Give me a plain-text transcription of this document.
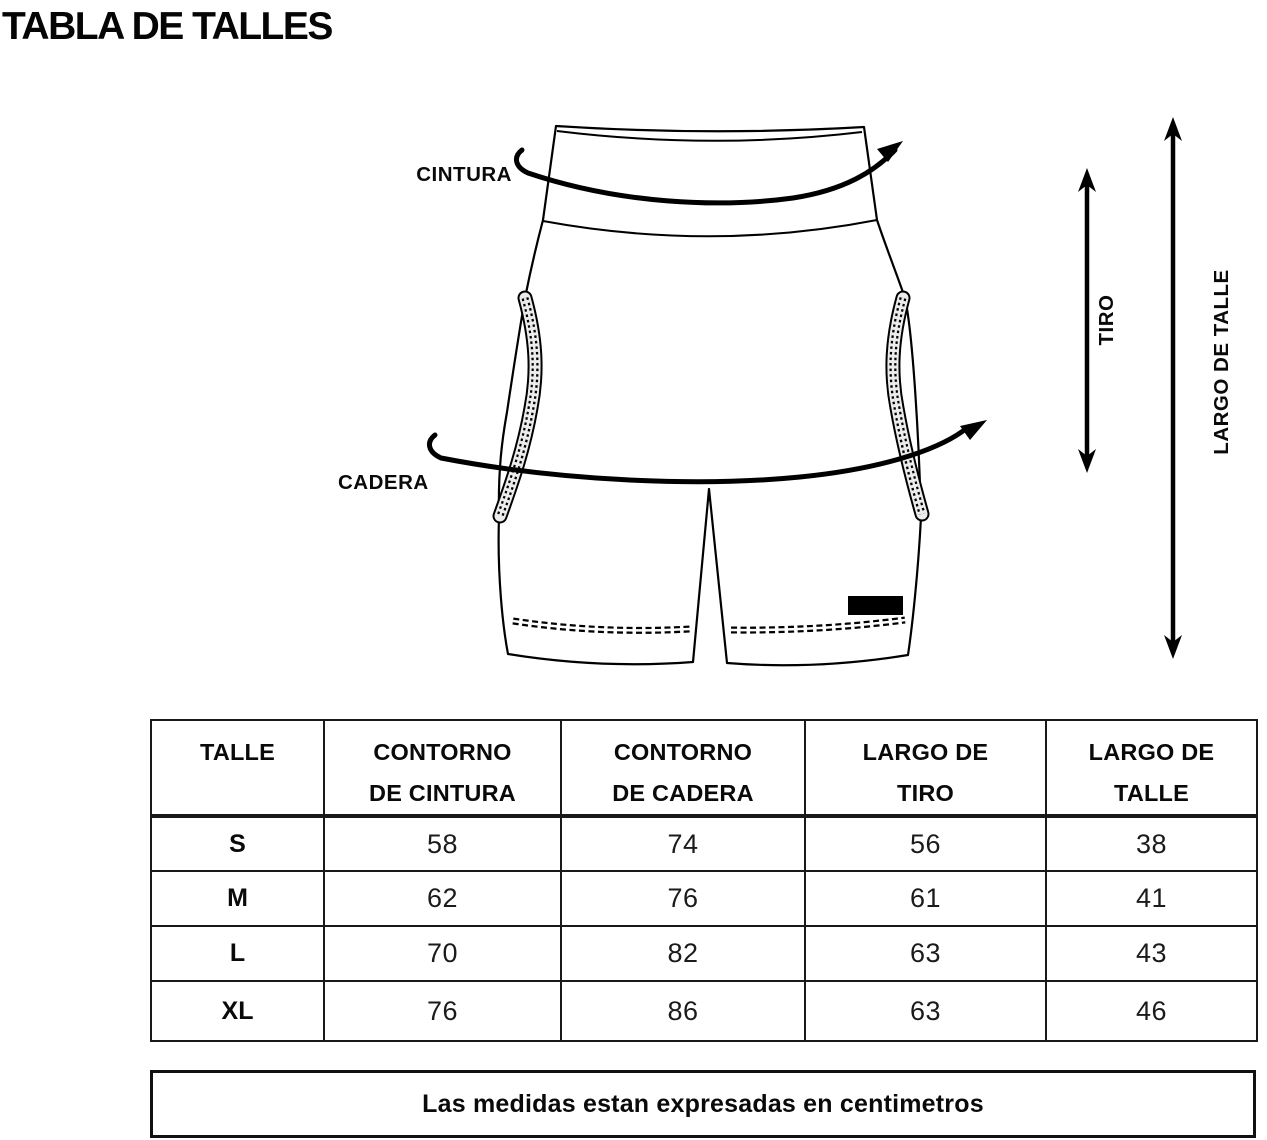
TABLA DE TALLES
CINTURA
CADERA
TIRO	LARGO DE TALLE
TALLE	CONTORNO
DE CINTURA

CONTORNO
DE CADERA

LARGO DE
TIRO

LARGO DE
TALLE

S	58	74	56	38
M	62	76	61	41
L	70	82	63	43
XL	76	86	63	46
Las medidas estan expresadas en centimetros
